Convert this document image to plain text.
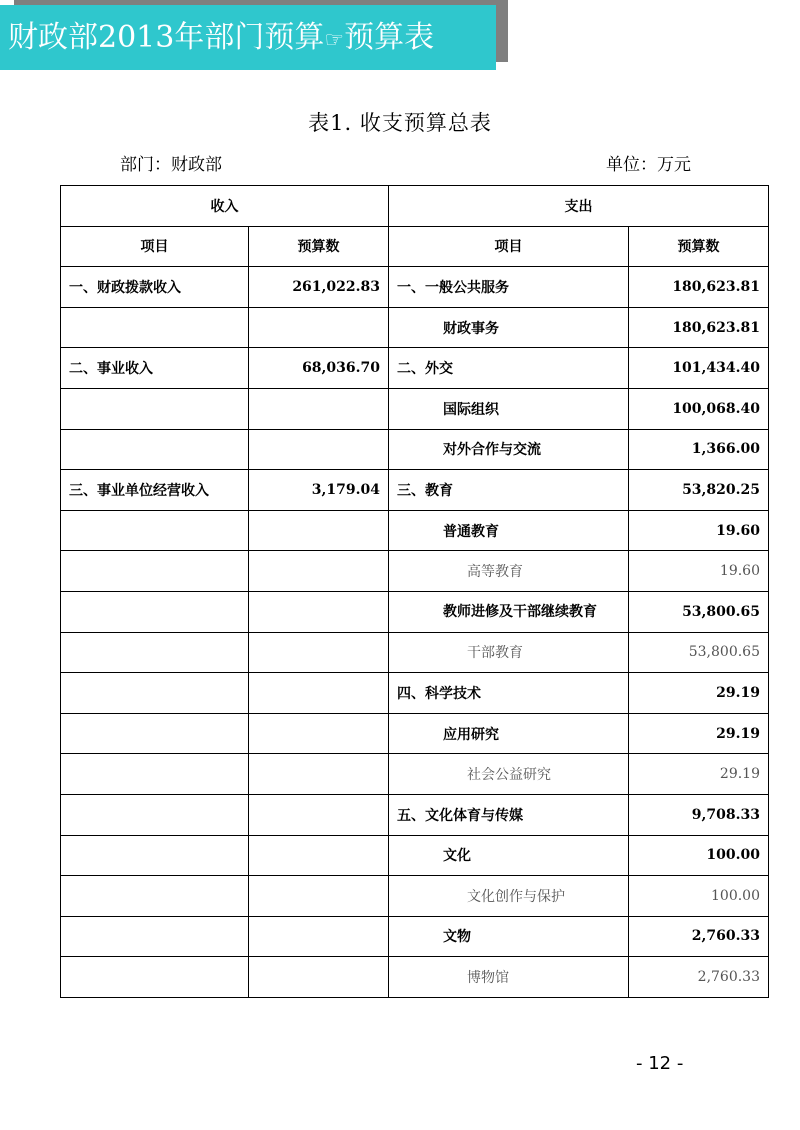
财政部2013年部门预算☞预算表
表1. 收支预算总表
部门：财政部	单位：万元
收入		支出	
项目	预算数	项目	预算数
一、财政拨款收入	261,022.83	一、一般公共服务	180,623.81
		财政事务	180,623.81
二、事业收入	68,036.70	二、外交	101,434.40
		国际组织	100,068.40
		对外合作与交流	1,366.00
三、事业单位经营收入	3,179.04	三、教育	53,820.25
		普通教育	19.60
		高等教育	19.60
		教师进修及干部继续教育	53,800.65
		干部教育	53,800.65
		四、科学技术	29.19
		应用研究	29.19
		社会公益研究	29.19
		五、文化体育与传媒	9,708.33
		文化	100.00
		文化创作与保护	100.00
		文物	2,760.33
		博物馆	2,760.33
- 12 -
